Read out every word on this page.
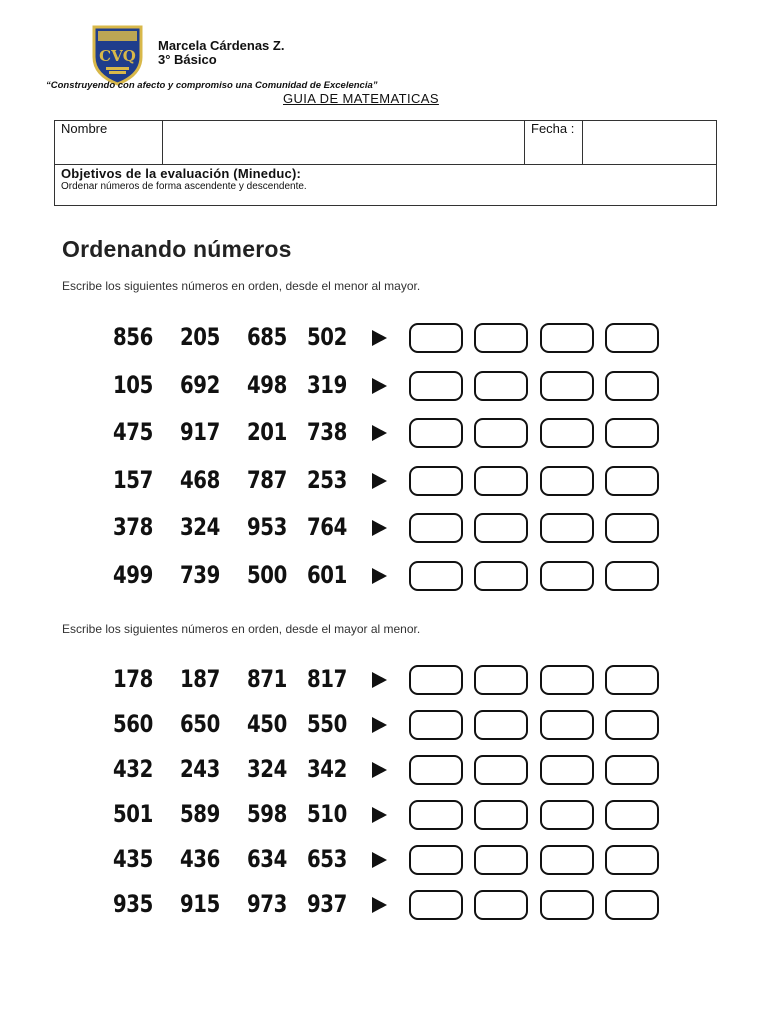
CVQ
Marcela Cárdenas Z.
3° Básico
“Construyendo con afecto y compromiso una Comunidad de Excelencia”
GUIA DE MATEMATICAS
Nombre		Fecha :	

Objetivos de la evaluación (Mineduc):
Ordenar números de forma ascendente y descendente.
Ordenando números
Escribe los siguientes números en orden, desde el menor al mayor.
Escribe los siguientes números en orden, desde el mayor al menor.
856 205 685 502
105 692 498 319
475 917 201 738
157 468 787 253
378 324 953 764
499 739 500 601
178 187 871 817
560 650 450 550
432 243 324 342
501 589 598 510
435 436 634 653
935 915 973 937
